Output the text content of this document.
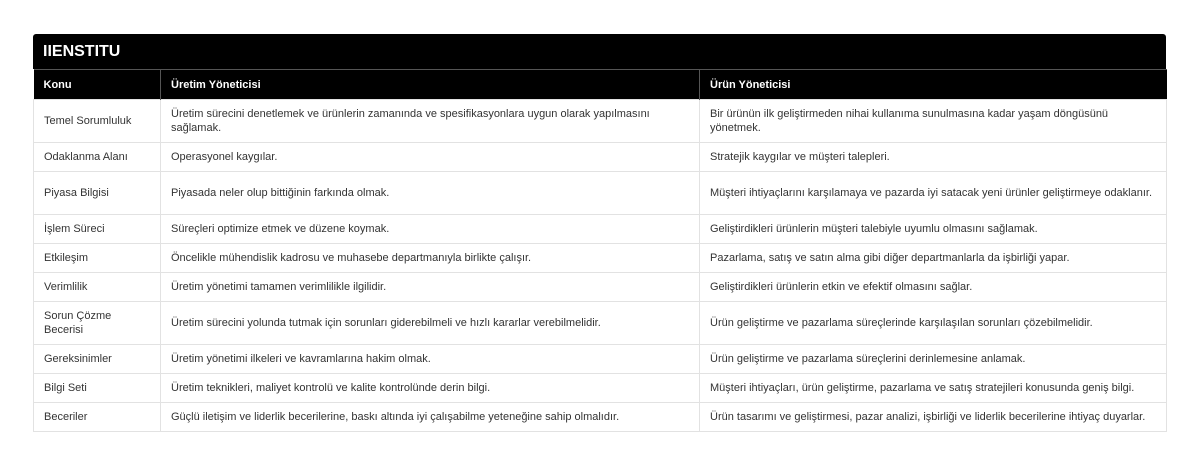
IIENSTITU
Konu	Üretim Yöneticisi	Ürün Yöneticisi
Temel Sorumluluk	Üretim sürecini denetlemek ve ürünlerin zamanında ve spesifikasyonlara uygun olarak yapılmasını sağlamak.	Bir ürünün ilk geliştirmeden nihai kullanıma sunulmasına kadar yaşam döngüsünü yönetmek.
Odaklanma Alanı	Operasyonel kaygılar.	Stratejik kaygılar ve müşteri talepleri.
Piyasa Bilgisi	Piyasada neler olup bittiğinin farkında olmak.	Müşteri ihtiyaçlarını karşılamaya ve pazarda iyi satacak yeni ürünler geliştirmeye odaklanır.
İşlem Süreci	Süreçleri optimize etmek ve düzene koymak.	Geliştirdikleri ürünlerin müşteri talebiyle uyumlu olmasını sağlamak.
Etkileşim	Öncelikle mühendislik kadrosu ve muhasebe departmanıyla birlikte çalışır.	Pazarlama, satış ve satın alma gibi diğer departmanlarla da işbirliği yapar.
Verimlilik	Üretim yönetimi tamamen verimlilikle ilgilidir.	Geliştirdikleri ürünlerin etkin ve efektif olmasını sağlar.
Sorun Çözme Becerisi	Üretim sürecini yolunda tutmak için sorunları giderebilmeli ve hızlı kararlar verebilmelidir.	Ürün geliştirme ve pazarlama süreçlerinde karşılaşılan sorunları çözebilmelidir.
Gereksinimler	Üretim yönetimi ilkeleri ve kavramlarına hakim olmak.	Ürün geliştirme ve pazarlama süreçlerini derinlemesine anlamak.
Bilgi Seti	Üretim teknikleri, maliyet kontrolü ve kalite kontrolünde derin bilgi.	Müşteri ihtiyaçları, ürün geliştirme, pazarlama ve satış stratejileri konusunda geniş bilgi.
Beceriler	Güçlü iletişim ve liderlik becerilerine, baskı altında iyi çalışabilme yeteneğine sahip olmalıdır.	Ürün tasarımı ve geliştirmesi, pazar analizi, işbirliği ve liderlik becerilerine ihtiyaç duyarlar.
